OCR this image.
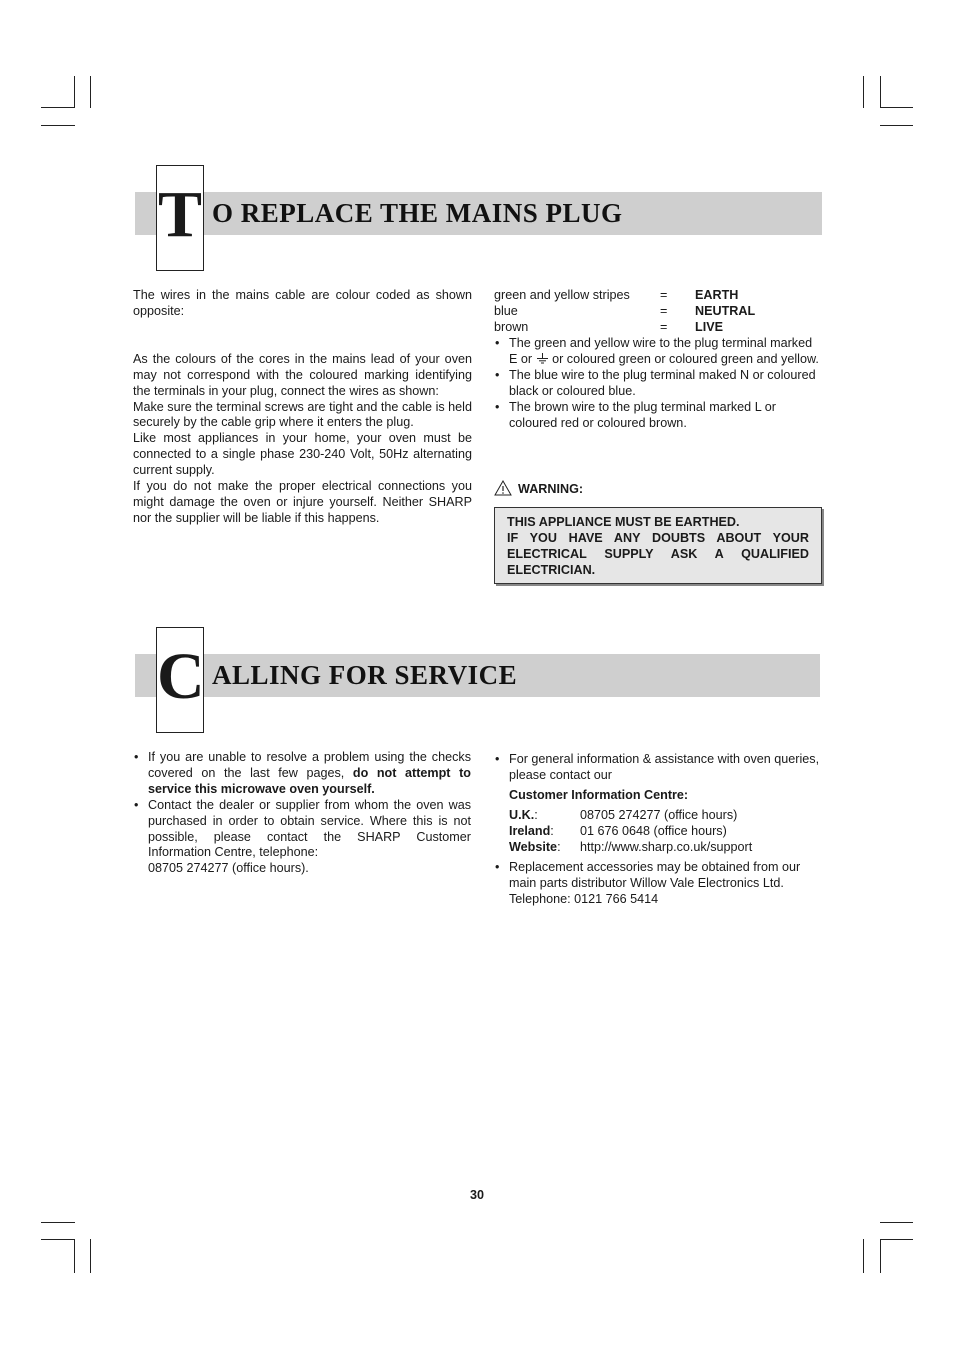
T O REPLACE THE MAINS PLUG

The wires in the mains cable are colour coded as shown opposite:

As the colours of the cores in the mains lead of your oven may not correspond with the coloured marking identifying the terminals in your plug, connect the wires as shown:

Make sure the terminal screws are tight and the cable is held securely by the cable grip where it enters the plug.

Like most appliances in your home, your oven must be connected to a single phase 230-240 Volt, 50Hz alternating current supply.

If you do not make the proper electrical connections you might damage the oven or injure yourself. Neither SHARP nor the supplier will be liable if this happens.

green and yellow stripes = EARTH
blue	= NEUTRAL
brown	= LIVE
• The green and yellow wire to the plug terminal marked E or  or coloured green or coloured green and yellow.
• The blue wire to the plug terminal maked N or coloured black or coloured blue.
• The brown wire to the plug terminal marked L or coloured red or coloured brown.
WARNING:
THIS APPLIANCE MUST BE EARTHED.
IF YOU HAVE ANY DOUBTS ABOUT YOUR ELECTRICAL SUPPLY ASK A QUALIFIED ELECTRICIAN.
C ALLING FOR SERVICE
• If you are unable to resolve a problem using the checks covered on the last few pages, do not attempt to service this microwave oven yourself.
• Contact the dealer or supplier from whom the oven was purchased in order to obtain service. Where this is not possible, please contact the SHARP Customer Information Centre, telephone:
08705 274277 (office hours).
• For general information & assistance with oven queries, please contact our
Customer Information Centre:
U.K.:	08705 274277 (office hours)
Ireland: 01 676 0648 (office hours)
Website: http://www.sharp.co.uk/support
• Replacement accessories may be obtained from our main parts distributor Willow Vale Electronics Ltd. Telephone: 0121 766 5414
30
